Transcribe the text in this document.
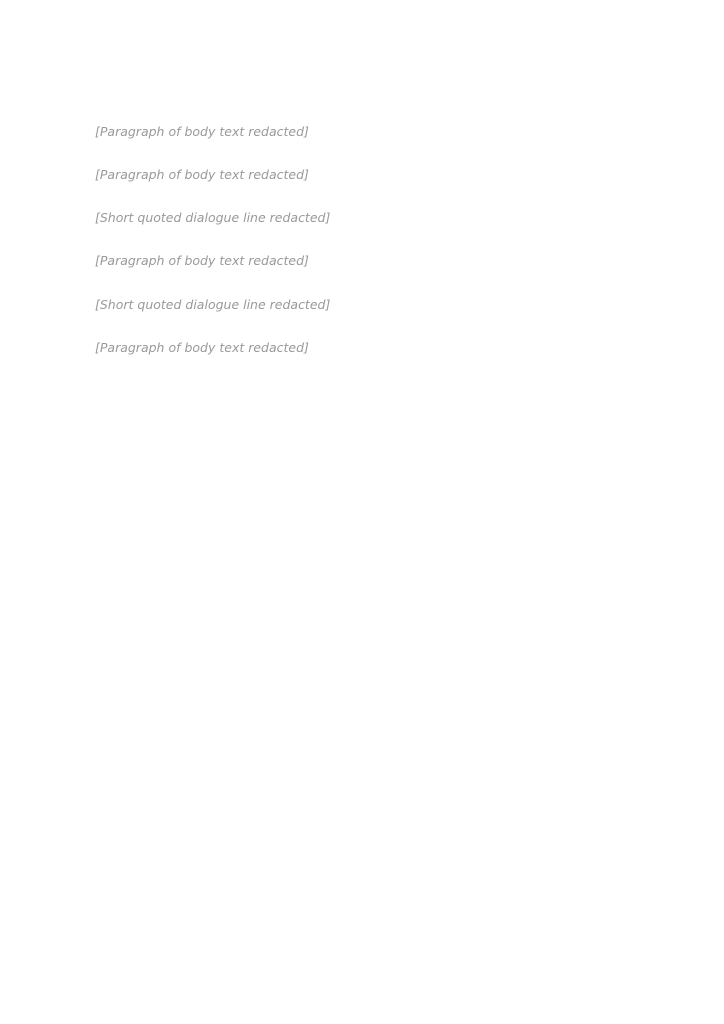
[Paragraph of body text redacted]

[Paragraph of body text redacted]

[Short quoted dialogue line redacted]

[Paragraph of body text redacted]

[Short quoted dialogue line redacted]

[Paragraph of body text redacted]
